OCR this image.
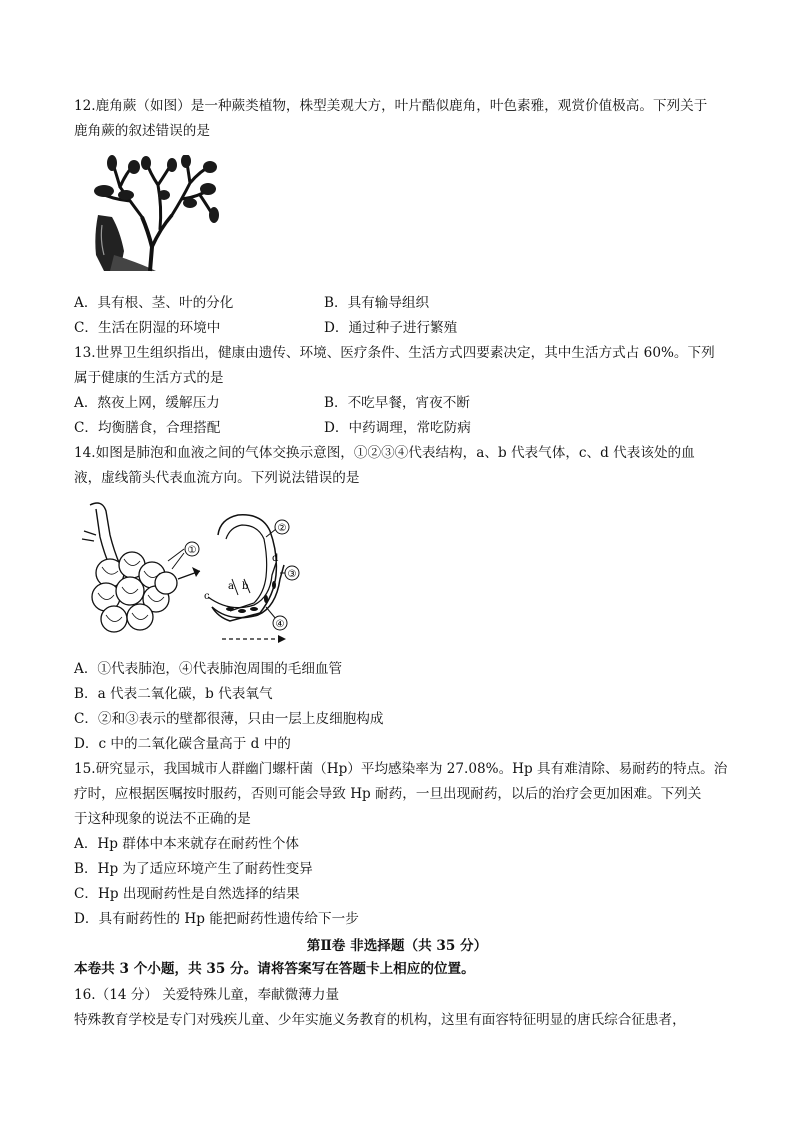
12.鹿角蕨（如图）是一种蕨类植物，株型美观大方，叶片酷似鹿角，叶色素雅，观赏价值极高。下列关于
鹿角蕨的叙述错误的是
A．具有根、茎、叶的分化	B．具有输导组织
C．生活在阴湿的环境中	D．通过种子进行繁殖
13.世界卫生组织指出，健康由遗传、环境、医疗条件、生活方式四要素决定，其中生活方式占 60%。下列
属于健康的生活方式的是
A．熬夜上网，缓解压力	B．不吃早餐，宵夜不断
C．均衡膳食，合理搭配	D．中药调理，常吃防病
14.如图是肺泡和血液之间的气体交换示意图，①②③④代表结构，a、b 代表气体，c、d 代表该处的血
液，虚线箭头代表血流方向。下列说法错误的是
①
a b
c
d
②
③
④
A．①代表肺泡，④代表肺泡周围的毛细血管
B．a 代表二氧化碳，b 代表氧气
C．②和③表示的壁都很薄，只由一层上皮细胞构成
D．c 中的二氧化碳含量高于 d 中的
15.研究显示，我国城市人群幽门螺杆菌（Hp）平均感染率为 27.08%。Hp 具有难清除、易耐药的特点。治
疗时，应根据医嘱按时服药，否则可能会导致 Hp 耐药，一旦出现耐药，以后的治疗会更加困难。下列关
于这种现象的说法不正确的是
A．Hp 群体中本来就存在耐药性个体
B．Hp 为了适应环境产生了耐药性变异
C．Hp 出现耐药性是自然选择的结果
D．具有耐药性的 Hp 能把耐药性遗传给下一步
第Ⅱ卷 非选择题（共 35 分）
本卷共 3 个小题，共 35 分。请将答案写在答题卡上相应的位置。
16.（14 分） 关爱特殊儿童，奉献微薄力量
特殊教育学校是专门对残疾儿童、少年实施义务教育的机构，这里有面容特征明显的唐氏综合征患者，
